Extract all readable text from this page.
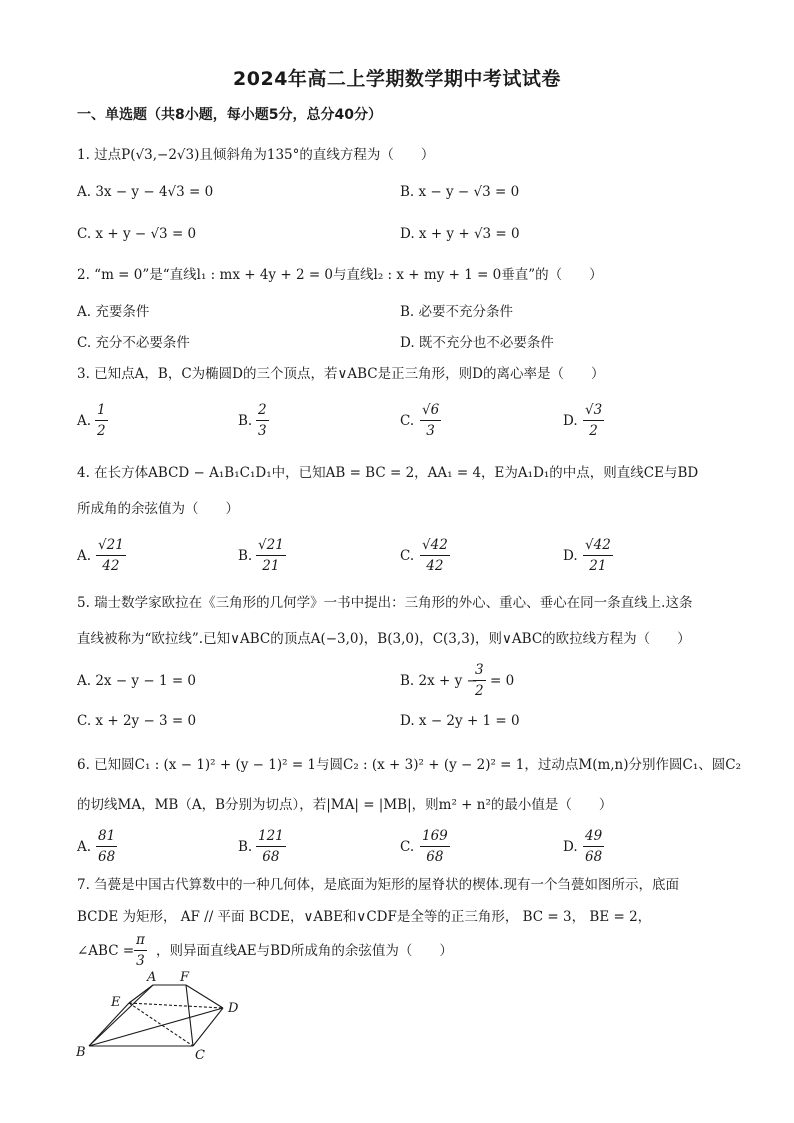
2024年高二上学期数学期中考试试卷
一、单选题（共8小题，每小题5分，总分40分）
1. 过点P(√3,−2√3)且倾斜角为135°的直线方程为（　　）
A. 3x − y − 4√3 = 0	B. x − y − √3 = 0
C. x + y − √3 = 0	D. x + y + √3 = 0
2. “m = 0”是“直线l₁ : mx + 4y + 2 = 0与直线l₂ : x + my + 1 = 0垂直”的（　　）
A. 充要条件	B. 必要不充分条件
C. 充分不必要条件	D. 既不充分也不必要条件
3. 已知点A，B，C为椭圆D的三个顶点，若∨ABC是正三角形，则D的离心率是（　　）
A.
1
2
B.
2
3
C.
√6
3
D.
√3
2
4. 在长方体ABCD − A₁B₁C₁D₁中，已知AB = BC = 2，AA₁ = 4，E为A₁D₁的中点，则直线CE与BD
所成角的余弦值为（　　）
A.
√21
42
B.
√21
21
C.
√42
42
D.
√42
21
5. 瑞士数学家欧拉在《三角形的几何学》一书中提出：三角形的外心、重心、垂心在同一条直线上.这条
直线被称为“欧拉线”.已知∨ABC的顶点A(−3,0)，B(3,0)，C(3,3)，则∨ABC的欧拉线方程为（　　）
A. 2x − y − 1 = 0	B. 2x + y −
3
2
= 0
C. x + 2y − 3 = 0	D. x − 2y + 1 = 0
6. 已知圆C₁ : (x − 1)² + (y − 1)² = 1与圆C₂ : (x + 3)² + (y − 2)² = 1，过动点M(m,n)分别作圆C₁、圆C₂
的切线MA，MB（A，B分别为切点），若|MA| = |MB|，则m² + n²的最小值是（　　）
A.
81
68
B.
121
68
C.
169
68
D.
49
68
7. 刍甍是中国古代算数中的一种几何体，是底面为矩形的屋脊状的楔体.现有一个刍甍如图所示，底面
BCDE 为矩形， AF // 平面 BCDE，∨ABE和∨CDF是全等的正三角形， BC = 3， BE = 2，
∠ABC =
π
3
，则异面直线AE与BD所成角的余弦值为（　　）
A F
E	D
B	C
